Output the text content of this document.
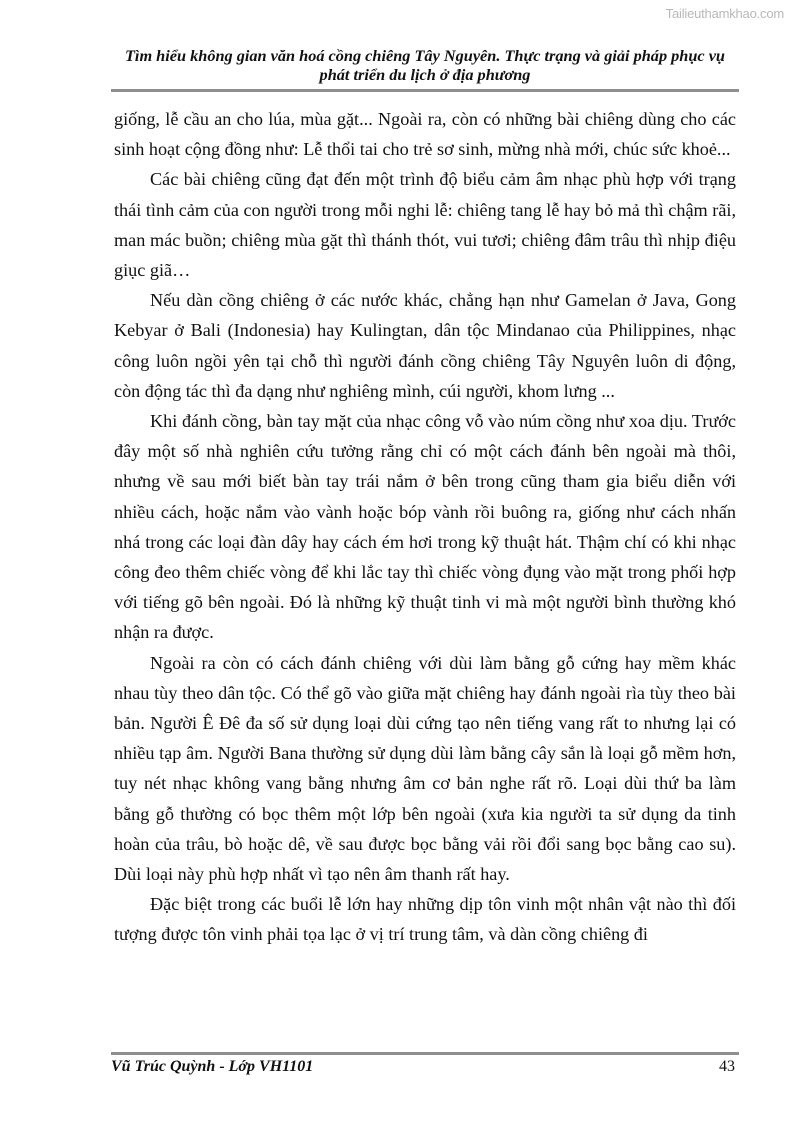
Tailieuthamkhao.com
Tìm hiểu không gian văn hoá cồng chiêng Tây Nguyên. Thực trạng và giải pháp phục vụ
phát triển du lịch ở địa phương

giống, lễ cầu an cho lúa, mùa gặt... Ngoài ra, còn có những bài chiêng dùng cho các sinh hoạt cộng đồng như: Lễ thổi tai cho trẻ sơ sinh, mừng nhà mới, chúc sức khoẻ...

Các bài chiêng cũng đạt đến một trình độ biểu cảm âm nhạc phù hợp với trạng thái tình cảm của con người trong mỗi nghi lễ: chiêng tang lễ hay bỏ mả thì chậm rãi, man mác buồn; chiêng mùa gặt thì thánh thót, vui tươi; chiêng đâm trâu thì nhịp điệu giục giã…

Nếu dàn cồng chiêng ở các nước khác, chẳng hạn như Gamelan ở Java, Gong Kebyar ở Bali (Indonesia) hay Kulingtan, dân tộc Mindanao của Philippines, nhạc công luôn ngồi yên tại chỗ thì người đánh cồng chiêng Tây Nguyên luôn di động, còn động tác thì đa dạng như nghiêng mình, cúi người, khom lưng ...

Khi đánh cồng, bàn tay mặt của nhạc công vỗ vào núm cồng như xoa dịu. Trước đây một số nhà nghiên cứu tưởng rằng chỉ có một cách đánh bên ngoài mà thôi, nhưng về sau mới biết bàn tay trái nắm ở bên trong cũng tham gia biểu diễn với nhiều cách, hoặc nắm vào vành hoặc bóp vành rồi buông ra, giống như cách nhấn nhá trong các loại đàn dây hay cách ém hơi trong kỹ thuật hát. Thậm chí có khi nhạc công đeo thêm chiếc vòng để khi lắc tay thì chiếc vòng đụng vào mặt trong phối hợp với tiếng gõ bên ngoài. Đó là những kỹ thuật tinh vi mà một người bình thường khó nhận ra được.

Ngoài ra còn có cách đánh chiêng với dùi làm bằng gỗ cứng hay mềm khác nhau tùy theo dân tộc. Có thể gõ vào giữa mặt chiêng hay đánh ngoài rìa tùy theo bài bản. Người Ê Đê đa số sử dụng loại dùi cứng tạo nên tiếng vang rất to nhưng lại có nhiều tạp âm. Người Bana thường sử dụng dùi làm bằng cây sắn là loại gỗ mềm hơn, tuy nét nhạc không vang bằng nhưng âm cơ bản nghe rất rõ. Loại dùi thứ ba làm bằng gỗ thường có bọc thêm một lớp bên ngoài (xưa kia người ta sử dụng da tinh hoàn của trâu, bò hoặc dê, về sau được bọc bằng vải rồi đổi sang bọc bằng cao su). Dùi loại này phù hợp nhất vì tạo nên âm thanh rất hay.

Đặc biệt trong các buổi lễ lớn hay những dịp tôn vinh một nhân vật nào thì đối tượng được tôn vinh phải tọa lạc ở vị trí trung tâm, và dàn cồng chiêng đi

Vũ Trúc Quỳnh - Lớp VH1101	43
